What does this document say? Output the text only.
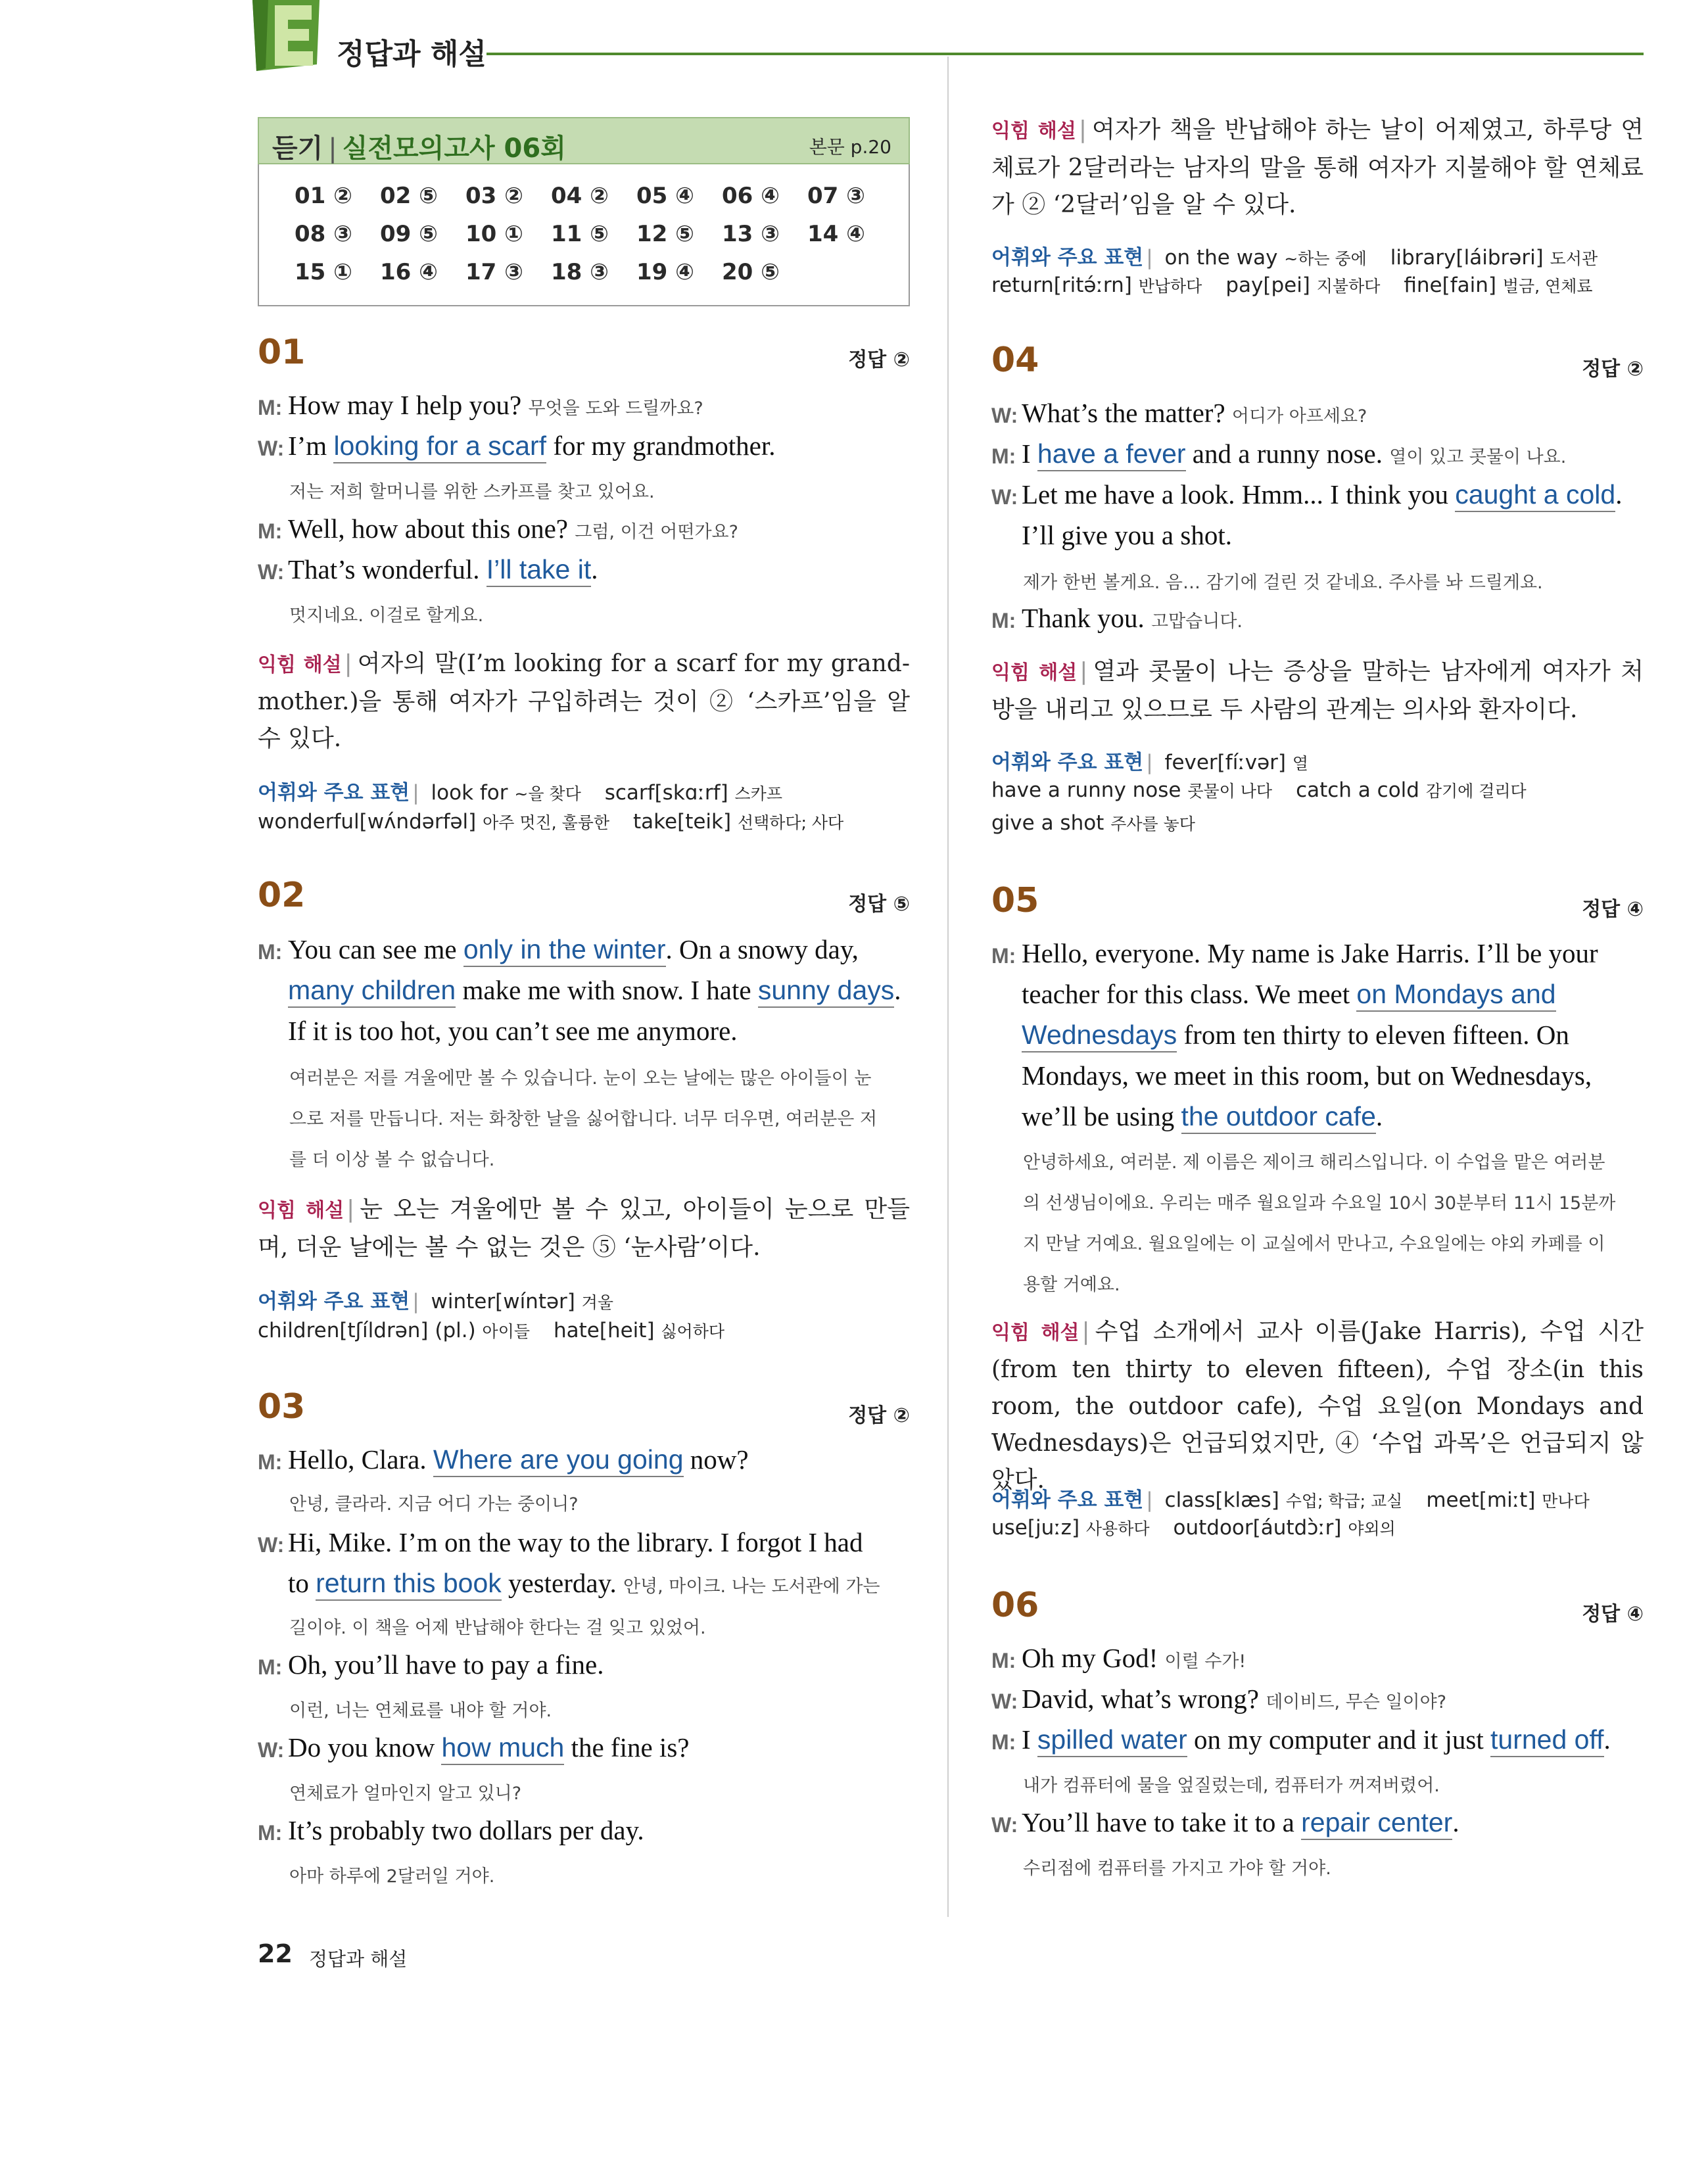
정답과 해설
듣기 | 실전모의고사 06회	본문 p.20
01 ② 02 ⑤ 03 ② 04 ② 05 ④ 06 ④ 07 ③
08 ③ 09 ⑤ 10 ① 11 ⑤ 12 ⑤ 13 ③ 14 ④
15 ① 16 ④ 17 ③ 18 ③ 19 ④ 20 ⑤
01	정답 ②
M: How may I help you? 무엇을 도와 드릴까요?
W: I’m looking for a scarf for my grandmother.
저는 저희 할머니를 위한 스카프를 찾고 있어요.
M: Well, how about this one? 그럼, 이건 어떤가요?
W: That’s wonderful. I’ll take it.
멋지네요. 이걸로 할게요.
익힘 해설 | 여자의 말(I’m looking for a scarf for my grandmother.)을 통해 여자가 구입하려는 것이 ② ‘스카프’임을 알 수 있다.
어휘와 주요 표현 | look for ~을 찾다 scarf[skɑːrf] 스카프
wonderful[wʌ́ndərfəl] 아주 멋진, 훌륭한 take[teik] 선택하다; 사다
02	정답 ⑤
M: You can see me only in the winter. On a snowy day,
many children make me with snow. I hate sunny days.
If it is too hot, you can’t see me anymore.
여러분은 저를 겨울에만 볼 수 있습니다. 눈이 오는 날에는 많은 아이들이 눈
으로 저를 만듭니다. 저는 화창한 날을 싫어합니다. 너무 더우면, 여러분은 저
를 더 이상 볼 수 없습니다.
익힘 해설 | 눈 오는 겨울에만 볼 수 있고, 아이들이 눈으로 만들며, 더운 날에는 볼 수 없는 것은 ⑤ ‘눈사람’이다.
어휘와 주요 표현 | winter[wíntər] 겨울
children[tʃíldrən] (pl.) 아이들 hate[heit] 싫어하다
03	정답 ②
M: Hello, Clara. Where are you going now?
안녕, 클라라. 지금 어디 가는 중이니?
W: Hi, Mike. I’m on the way to the library. I forgot I had
to return this book yesterday. 안녕, 마이크. 나는 도서관에 가는
길이야. 이 책을 어제 반납해야 한다는 걸 잊고 있었어.
M: Oh, you’ll have to pay a fine.
이런, 너는 연체료를 내야 할 거야.
W: Do you know how much the fine is?
연체료가 얼마인지 알고 있니?
M: It’s probably two dollars per day.
아마 하루에 2달러일 거야.
익힘 해설 | 여자가 책을 반납해야 하는 날이 어제였고, 하루당 연체료가 2달러라는 남자의 말을 통해 여자가 지불해야 할 연체료가 ② ‘2달러’임을 알 수 있다.
어휘와 주요 표현 | on the way ~하는 중에 library[láibrəri] 도서관
return[ritə́ːrn] 반납하다 pay[pei] 지불하다 fine[fain] 벌금, 연체료
04	정답 ②
W: What’s the matter? 어디가 아프세요?
M: I have a fever and a runny nose. 열이 있고 콧물이 나요.
W: Let me have a look. Hmm... I think you caught a cold.
I’ll give you a shot.
제가 한번 볼게요. 음… 감기에 걸린 것 같네요. 주사를 놔 드릴게요.
M: Thank you. 고맙습니다.
익힘 해설 | 열과 콧물이 나는 증상을 말하는 남자에게 여자가 처방을 내리고 있으므로 두 사람의 관계는 의사와 환자이다.
어휘와 주요 표현 | fever[fíːvər] 열
have a runny nose 콧물이 나다 catch a cold 감기에 걸리다
give a shot 주사를 놓다
05	정답 ④
M: Hello, everyone. My name is Jake Harris. I’ll be your
teacher for this class. We meet on Mondays and
Wednesdays from ten thirty to eleven fifteen. On
Mondays, we meet in this room, but on Wednesdays,
we’ll be using the outdoor cafe.
안녕하세요, 여러분. 제 이름은 제이크 해리스입니다. 이 수업을 맡은 여러분
의 선생님이에요. 우리는 매주 월요일과 수요일 10시 30분부터 11시 15분까
지 만날 거예요. 월요일에는 이 교실에서 만나고, 수요일에는 야외 카페를 이
용할 거예요.
익힘 해설 | 수업 소개에서 교사 이름(Jake Harris), 수업 시간(from ten thirty to eleven fifteen), 수업 장소(in this room, the outdoor cafe), 수업 요일(on Mondays and Wednesdays)은 언급되었지만, ④ ‘수업 과목’은 언급되지 않았다.
어휘와 주요 표현 | class[klæs] 수업; 학급; 교실 meet[miːt] 만나다
use[juːz] 사용하다 outdoor[áutdɔ̀ːr] 야외의
06	정답 ④
M: Oh my God! 이럴 수가!
W: David, what’s wrong? 데이비드, 무슨 일이야?
M: I spilled water on my computer and it just turned off.
내가 컴퓨터에 물을 엎질렀는데, 컴퓨터가 꺼져버렸어.
W: You’ll have to take it to a repair center.
수리점에 컴퓨터를 가지고 가야 할 거야.
22 정답과 해설
